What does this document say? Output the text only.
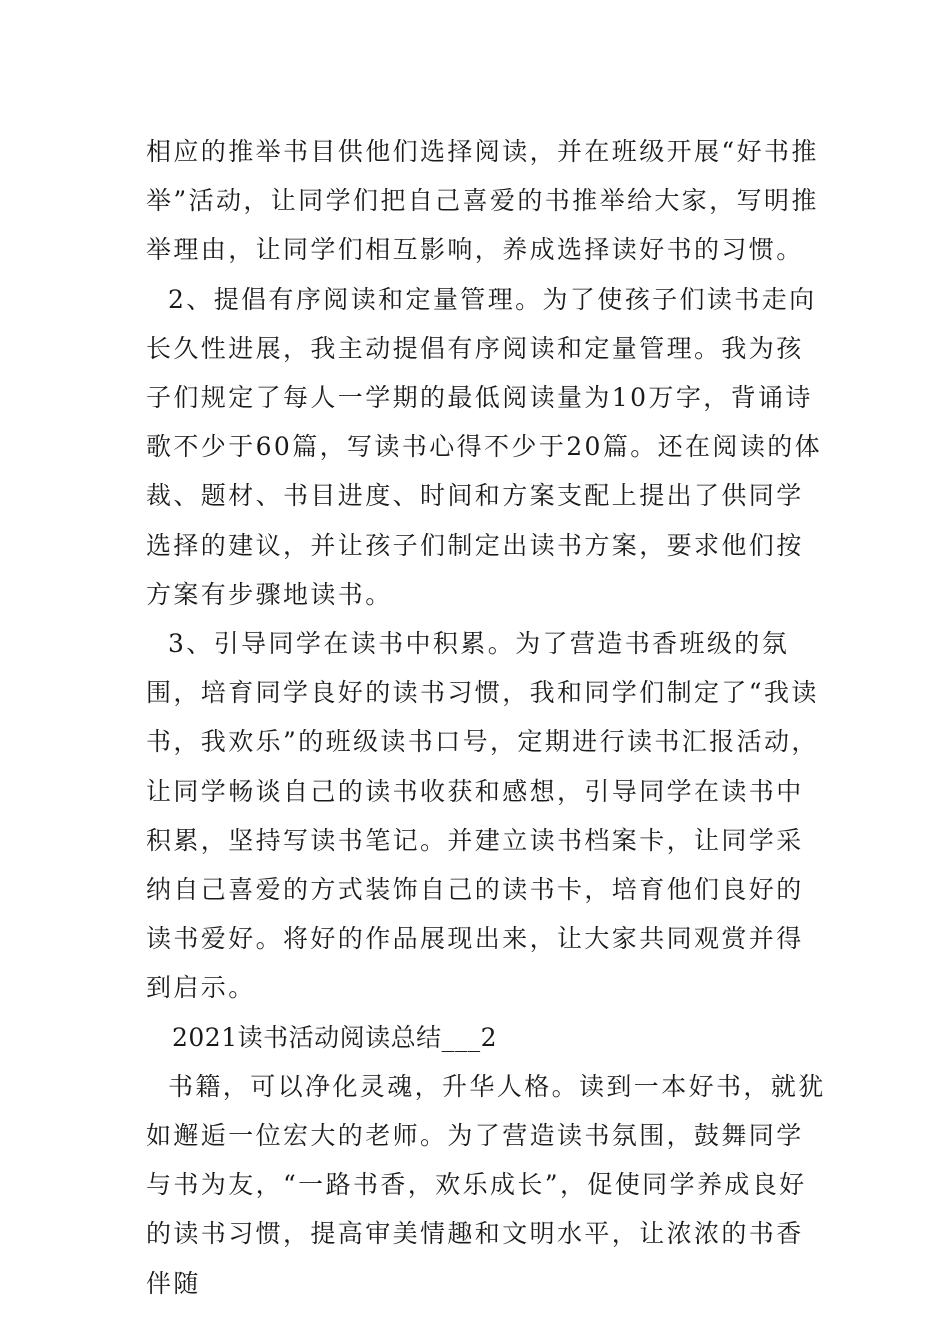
相应的推举书目供他们选择阅读，并在班级开展“好书推举”活动，让同学们把自己喜爱的书推举给大家，写明推举理由，让同学们相互影响，养成选择读好书的习惯。

2、提倡有序阅读和定量管理。为了使孩子们读书走向长久性进展，我主动提倡有序阅读和定量管理。我为孩子们规定了每人一学期的最低阅读量为10万字，背诵诗歌不少于60篇，写读书心得不少于20篇。还在阅读的体裁、题材、书目进度、时间和方案支配上提出了供同学选择的建议，并让孩子们制定出读书方案，要求他们按方案有步骤地读书。

3、引导同学在读书中积累。为了营造书香班级的氛围，培育同学良好的读书习惯，我和同学们制定了“我读书，我欢乐”的班级读书口号，定期进行读书汇报活动，让同学畅谈自己的读书收获和感想，引导同学在读书中积累，坚持写读书笔记。并建立读书档案卡，让同学采纳自己喜爱的方式装饰自己的读书卡，培育他们良好的读书爱好。将好的作品展现出来，让大家共同观赏并得到启示。

2021读书活动阅读总结___2

书籍，可以净化灵魂，升华人格。读到一本好书，就犹如邂逅一位宏大的老师。为了营造读书氛围，鼓舞同学与书为友，“一路书香，欢乐成长”，促使同学养成良好的读书习惯，提高审美情趣和文明水平，让浓浓的书香伴随
